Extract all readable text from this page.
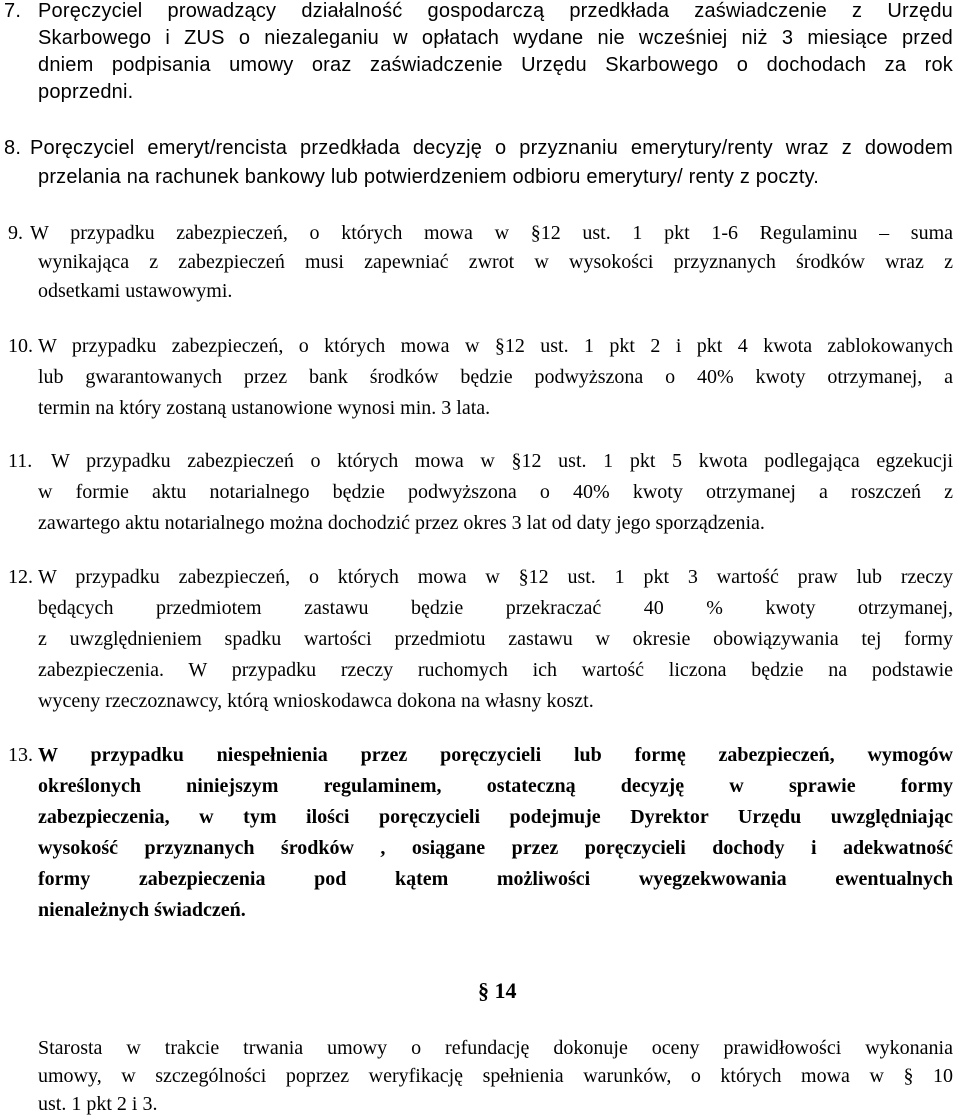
7. Poręczyciel prowadzący działalność gospodarczą przedkłada zaświadczenie z Urzędu
Skarbowego i ZUS o niezaleganiu w opłatach wydane nie wcześniej niż 3 miesiące przed
dniem podpisania umowy oraz zaświadczenie Urzędu Skarbowego o dochodach za rok
poprzedni.
8. Poręczyciel emeryt/rencista przedkłada decyzję o przyznaniu emerytury/renty wraz z dowodem
przelania na rachunek bankowy lub potwierdzeniem odbioru emerytury/ renty z poczty.
9. W przypadku zabezpieczeń, o których mowa w §12 ust. 1 pkt 1-6 Regulaminu – suma
wynikająca z zabezpieczeń musi zapewniać zwrot w wysokości przyznanych środków wraz z
odsetkami ustawowymi.
10. W przypadku zabezpieczeń, o których mowa w §12 ust. 1 pkt 2 i pkt 4 kwota zablokowanych
lub gwarantowanych przez bank środków będzie podwyższona o 40% kwoty otrzymanej, a
termin na który zostaną ustanowione wynosi min. 3 lata.
11. W przypadku zabezpieczeń o których mowa w §12 ust. 1 pkt 5 kwota podlegająca egzekucji
w formie aktu notarialnego będzie podwyższona o 40% kwoty otrzymanej a roszczeń z
zawartego aktu notarialnego można dochodzić przez okres 3 lat od daty jego sporządzenia.
12. W przypadku zabezpieczeń, o których mowa w §12 ust. 1 pkt 3 wartość praw lub rzeczy
będących przedmiotem zastawu będzie przekraczać 40 % kwoty otrzymanej,
z uwzględnieniem spadku wartości przedmiotu zastawu w okresie obowiązywania tej formy
zabezpieczenia. W przypadku rzeczy ruchomych ich wartość liczona będzie na podstawie
wyceny rzeczoznawcy, którą wnioskodawca dokona na własny koszt.
13. W przypadku niespełnienia przez poręczycieli lub formę zabezpieczeń, wymogów
określonych niniejszym regulaminem, ostateczną decyzję w sprawie formy
zabezpieczenia, w tym ilości poręczycieli podejmuje Dyrektor Urzędu uwzględniając
wysokość przyznanych środków , osiągane przez poręczycieli dochody i adekwatność
formy zabezpieczenia pod kątem możliwości wyegzekwowania ewentualnych
nienależnych świadczeń.
§ 14
Starosta w trakcie trwania umowy o refundację dokonuje oceny prawidłowości wykonania
umowy, w szczególności poprzez weryfikację spełnienia warunków, o których mowa w § 10
ust. 1 pkt 2 i 3.
